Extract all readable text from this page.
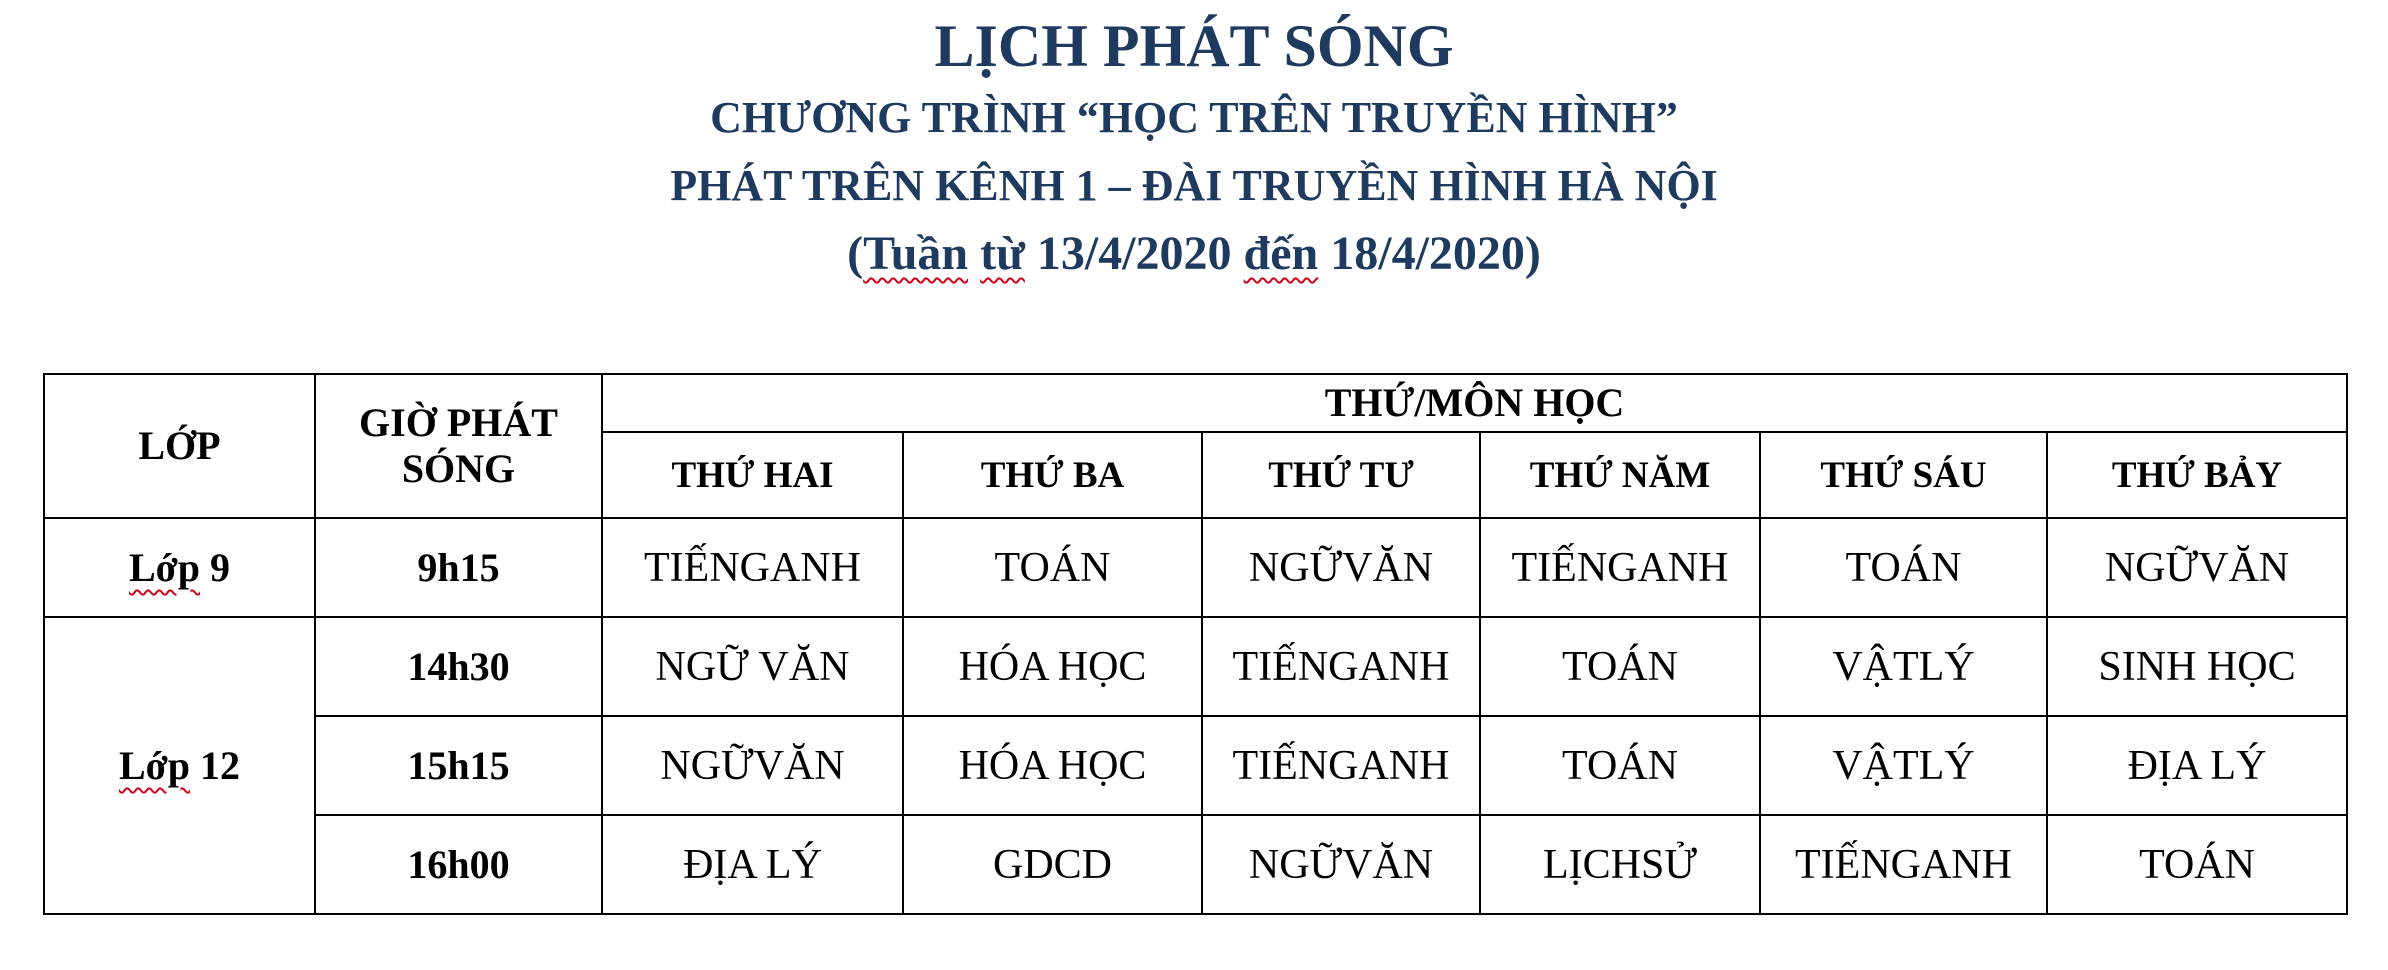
LỊCH PHÁT SÓNG
CHƯƠNG TRÌNH “HỌC TRÊN TRUYỀN HÌNH”
PHÁT TRÊN KÊNH 1 – ĐÀI TRUYỀN HÌNH HÀ NỘI
(Tuần từ 13/4/2020 đến 18/4/2020)
LỚP	GIỜ PHÁT SÓNG	THỨ/MÔN HỌC					
		THỨ HAI	THỨ BA	THỨ TƯ	THỨ NĂM	THỨ SÁU	THỨ BẢY
Lớp 9	9h15	TIẾNGANH	TOÁN	NGỮVĂN	TIẾNGANH	TOÁN	NGỮVĂN
Lớp 12	14h30	NGỮ VĂN	HÓA HỌC	TIẾNGANH	TOÁN	VẬTLÝ	SINH HỌC
	15h15	NGỮVĂN	HÓA HỌC	TIẾNGANH	TOÁN	VẬTLÝ	ĐỊA LÝ
	16h00	ĐỊA LÝ	GDCD	NGỮVĂN	LỊCHSỬ	TIẾNGANH	TOÁN
